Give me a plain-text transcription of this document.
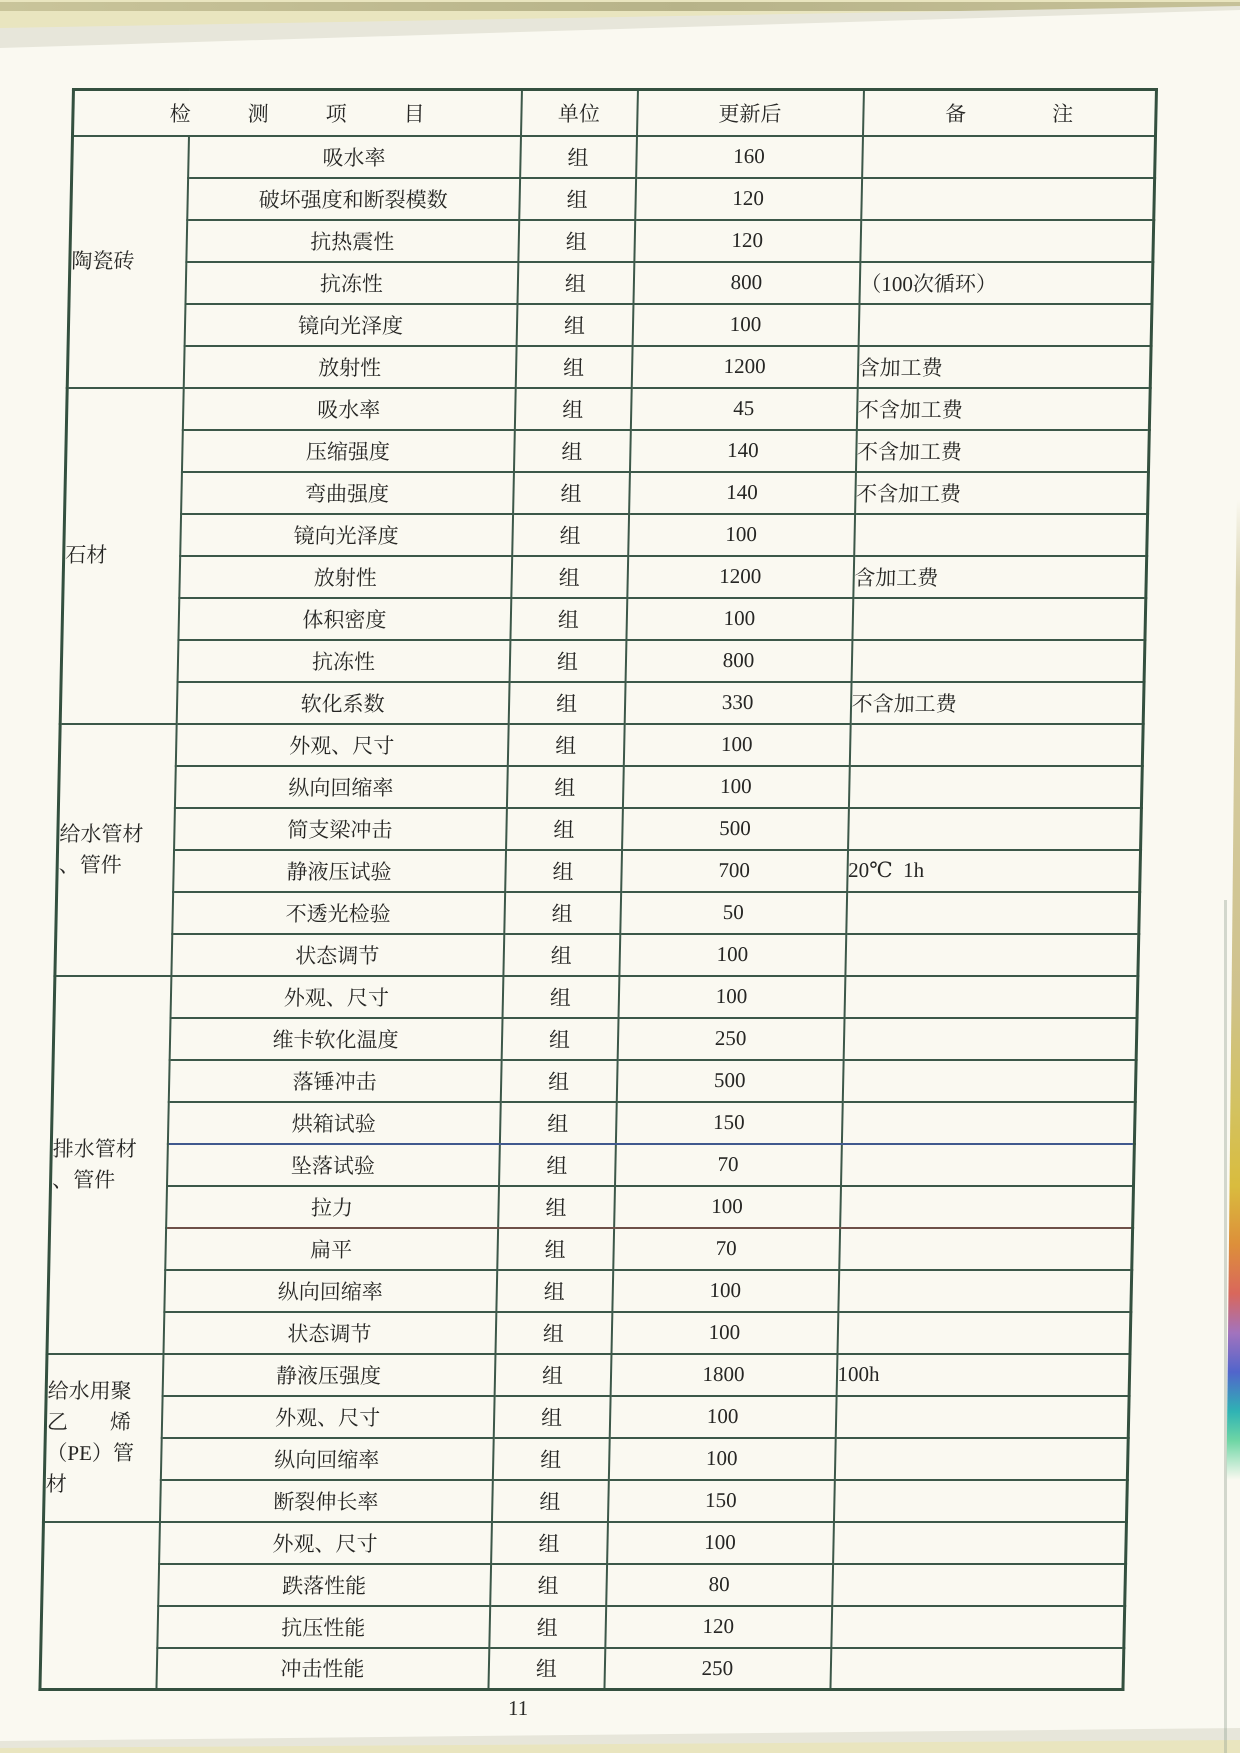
检测项目		单位	更新后	备注

陶瓷砖	吸水率	组	160	
	破坏强度和断裂模数	组	120	
	抗热震性	组	120	
	抗冻性	组	800	（100次循环）
	镜向光泽度	组	100	
	放射性	组	1200	含加工费

石材	吸水率	组	45	不含加工费
	压缩强度	组	140	不含加工费
	弯曲强度	组	140	不含加工费
	镜向光泽度	组	100	
	放射性	组	1200	含加工费
	体积密度	组	100	
	抗冻性	组	800	
	软化系数	组	330	不含加工费

给水管材
、管件	外观、尺寸	组	100	
	纵向回缩率	组	100	
	简支梁冲击	组	500	
	静液压试验	组	700	20℃  1h
	不透光检验	组	50	
	状态调节	组	100	

排水管材
、管件	外观、尺寸	组	100	
	维卡软化温度	组	250	
	落锤冲击	组	500	
	烘箱试验	组	150	
	坠落试验	组	70	
	拉力	组	100	
	扁平	组	70	
	纵向回缩率	组	100	
	状态调节	组	100	

给水用聚
乙　　烯
（PE）管
材	静液压强度	组	1800	100h
	外观、尺寸	组	100	
	纵向回缩率	组	100	
	断裂伸长率	组	150	
	外观、尺寸	组	100	
	跌落性能	组	80	
	抗压性能	组	120	
	冲击性能	组	250	
11
